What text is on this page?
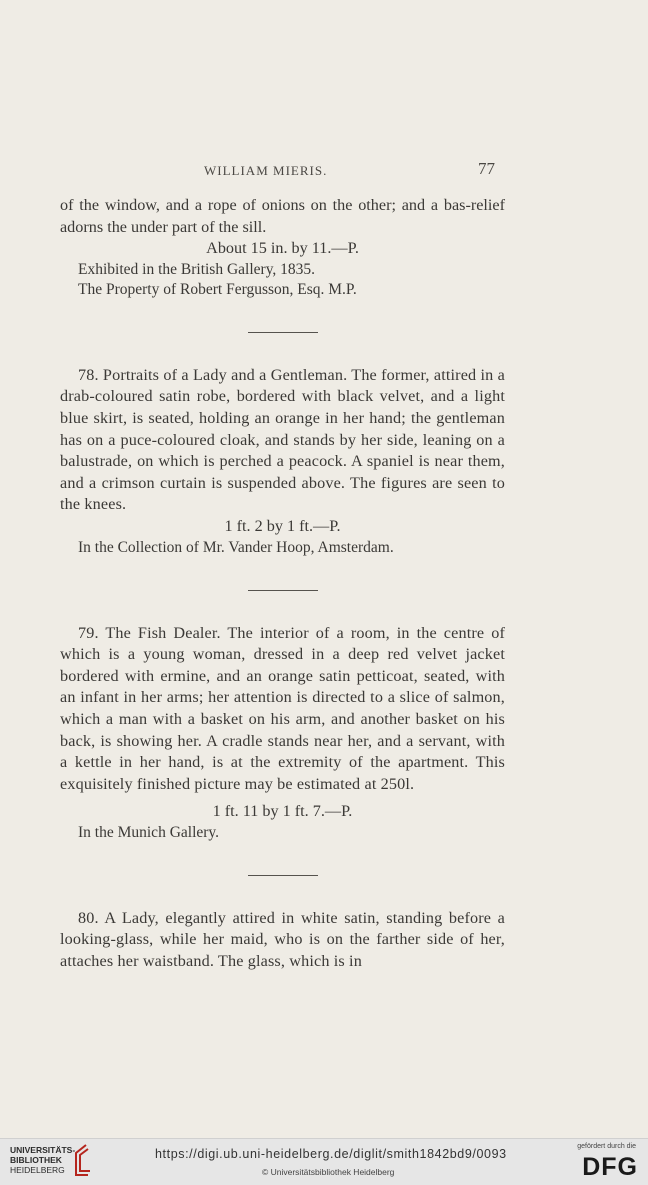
WILLIAM MIERIS.	77

of the window, and a rope of onions on the other; and a bas-relief adorns the under part of the sill.

About 15 in. by 11.—P.

Exhibited in the British Gallery, 1835.

The Property of Robert Fergusson, Esq. M.P.

78. Portraits of a Lady and a Gentleman. The former, attired in a drab-coloured satin robe, bordered with black velvet, and a light blue skirt, is seated, holding an orange in her hand; the gentleman has on a puce-coloured cloak, and stands by her side, leaning on a balustrade, on which is perched a peacock. A spaniel is near them, and a crimson curtain is suspended above. The figures are seen to the knees.

1 ft. 2 by 1 ft.—P.

In the Collection of Mr. Vander Hoop, Amsterdam.

79. The Fish Dealer. The interior of a room, in the centre of which is a young woman, dressed in a deep red velvet jacket bordered with ermine, and an orange satin petticoat, seated, with an infant in her arms; her attention is directed to a slice of salmon, which a man with a basket on his arm, and another basket on his back, is showing her. A cradle stands near her, and a servant, with a kettle in her hand, is at the extremity of the apartment. This exquisitely finished picture may be estimated at 250l.

1 ft. 11 by 1 ft. 7.—P.

In the Munich Gallery.

80. A Lady, elegantly attired in white satin, standing before a looking-glass, while her maid, who is on the farther side of her, attaches her waistband. The glass, which is in

UNIVERSITÄTS-
BIBLIOTHEK
HEIDELBERG
https://digi.ub.uni-heidelberg.de/diglit/smith1842bd9/0093
© Universitätsbibliothek Heidelberg
gefördert durch die
DFG
